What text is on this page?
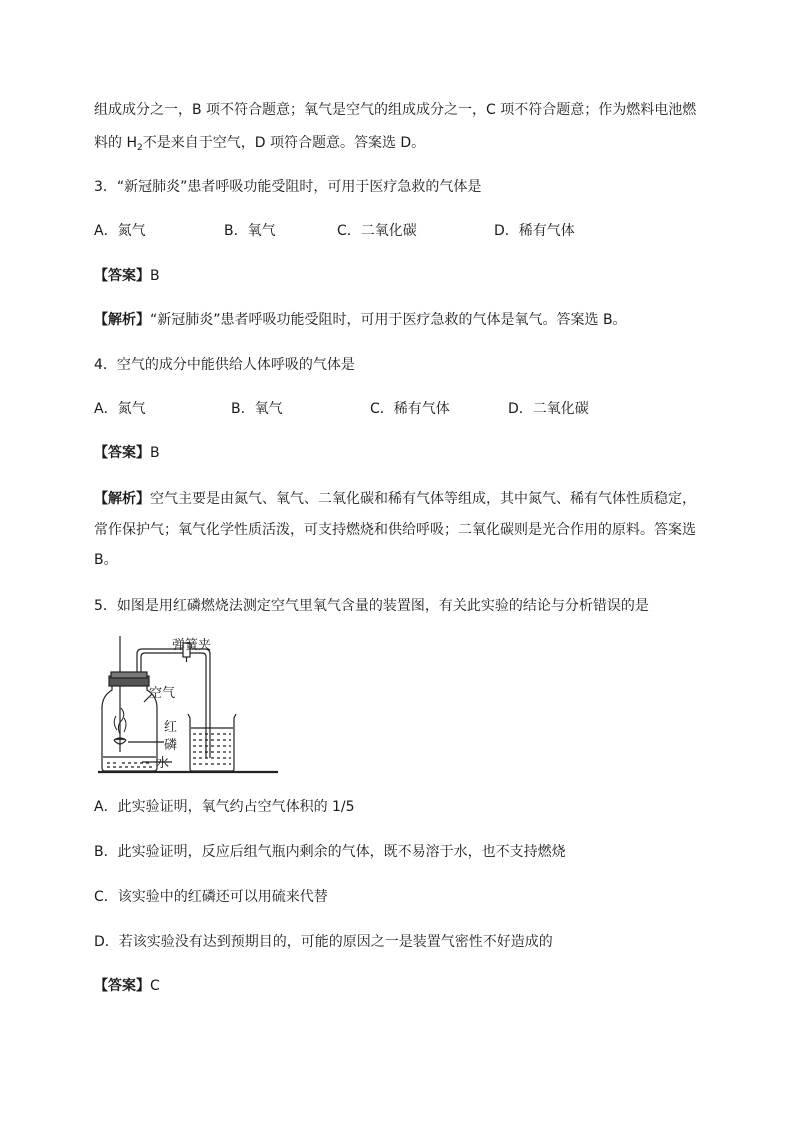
组成成分之一，B 项不符合题意；氧气是空气的组成成分之一，C 项不符合题意；作为燃料电池燃
料的 $H_2$不是来自于空气，D 项符合题意。答案选 D。
3．“新冠肺炎”患者呼吸功能受阻时，可用于医疗急救的气体是
A．氮气	B．氧气	C．二氧化碳	D．稀有气体
【答案】B
【解析】“新冠肺炎”患者呼吸功能受阻时，可用于医疗急救的气体是氧气。答案选 B。
4．空气的成分中能供给人体呼吸的气体是
A．氮气	B．氧气	C．稀有气体	D．二氧化碳
【答案】B
【解析】空气主要是由氮气、氧气、二氧化碳和稀有气体等组成，其中氮气、稀有气体性质稳定，
常作保护气；氧气化学性质活泼，可支持燃烧和供给呼吸；二氧化碳则是光合作用的原料。答案选
B。
5．如图是用红磷燃烧法测定空气里氧气含量的装置图，有关此实验的结论与分析错误的是
弹簧夹
空气
红
磷
水
A．此实验证明，氧气约占空气体积的 1/5
B．此实验证明，反应后组气瓶内剩余的气体，既不易溶于水，也不支持燃烧
C．该实验中的红磷还可以用硫来代替
D．若该实验没有达到预期目的，可能的原因之一是装置气密性不好造成的
【答案】C
